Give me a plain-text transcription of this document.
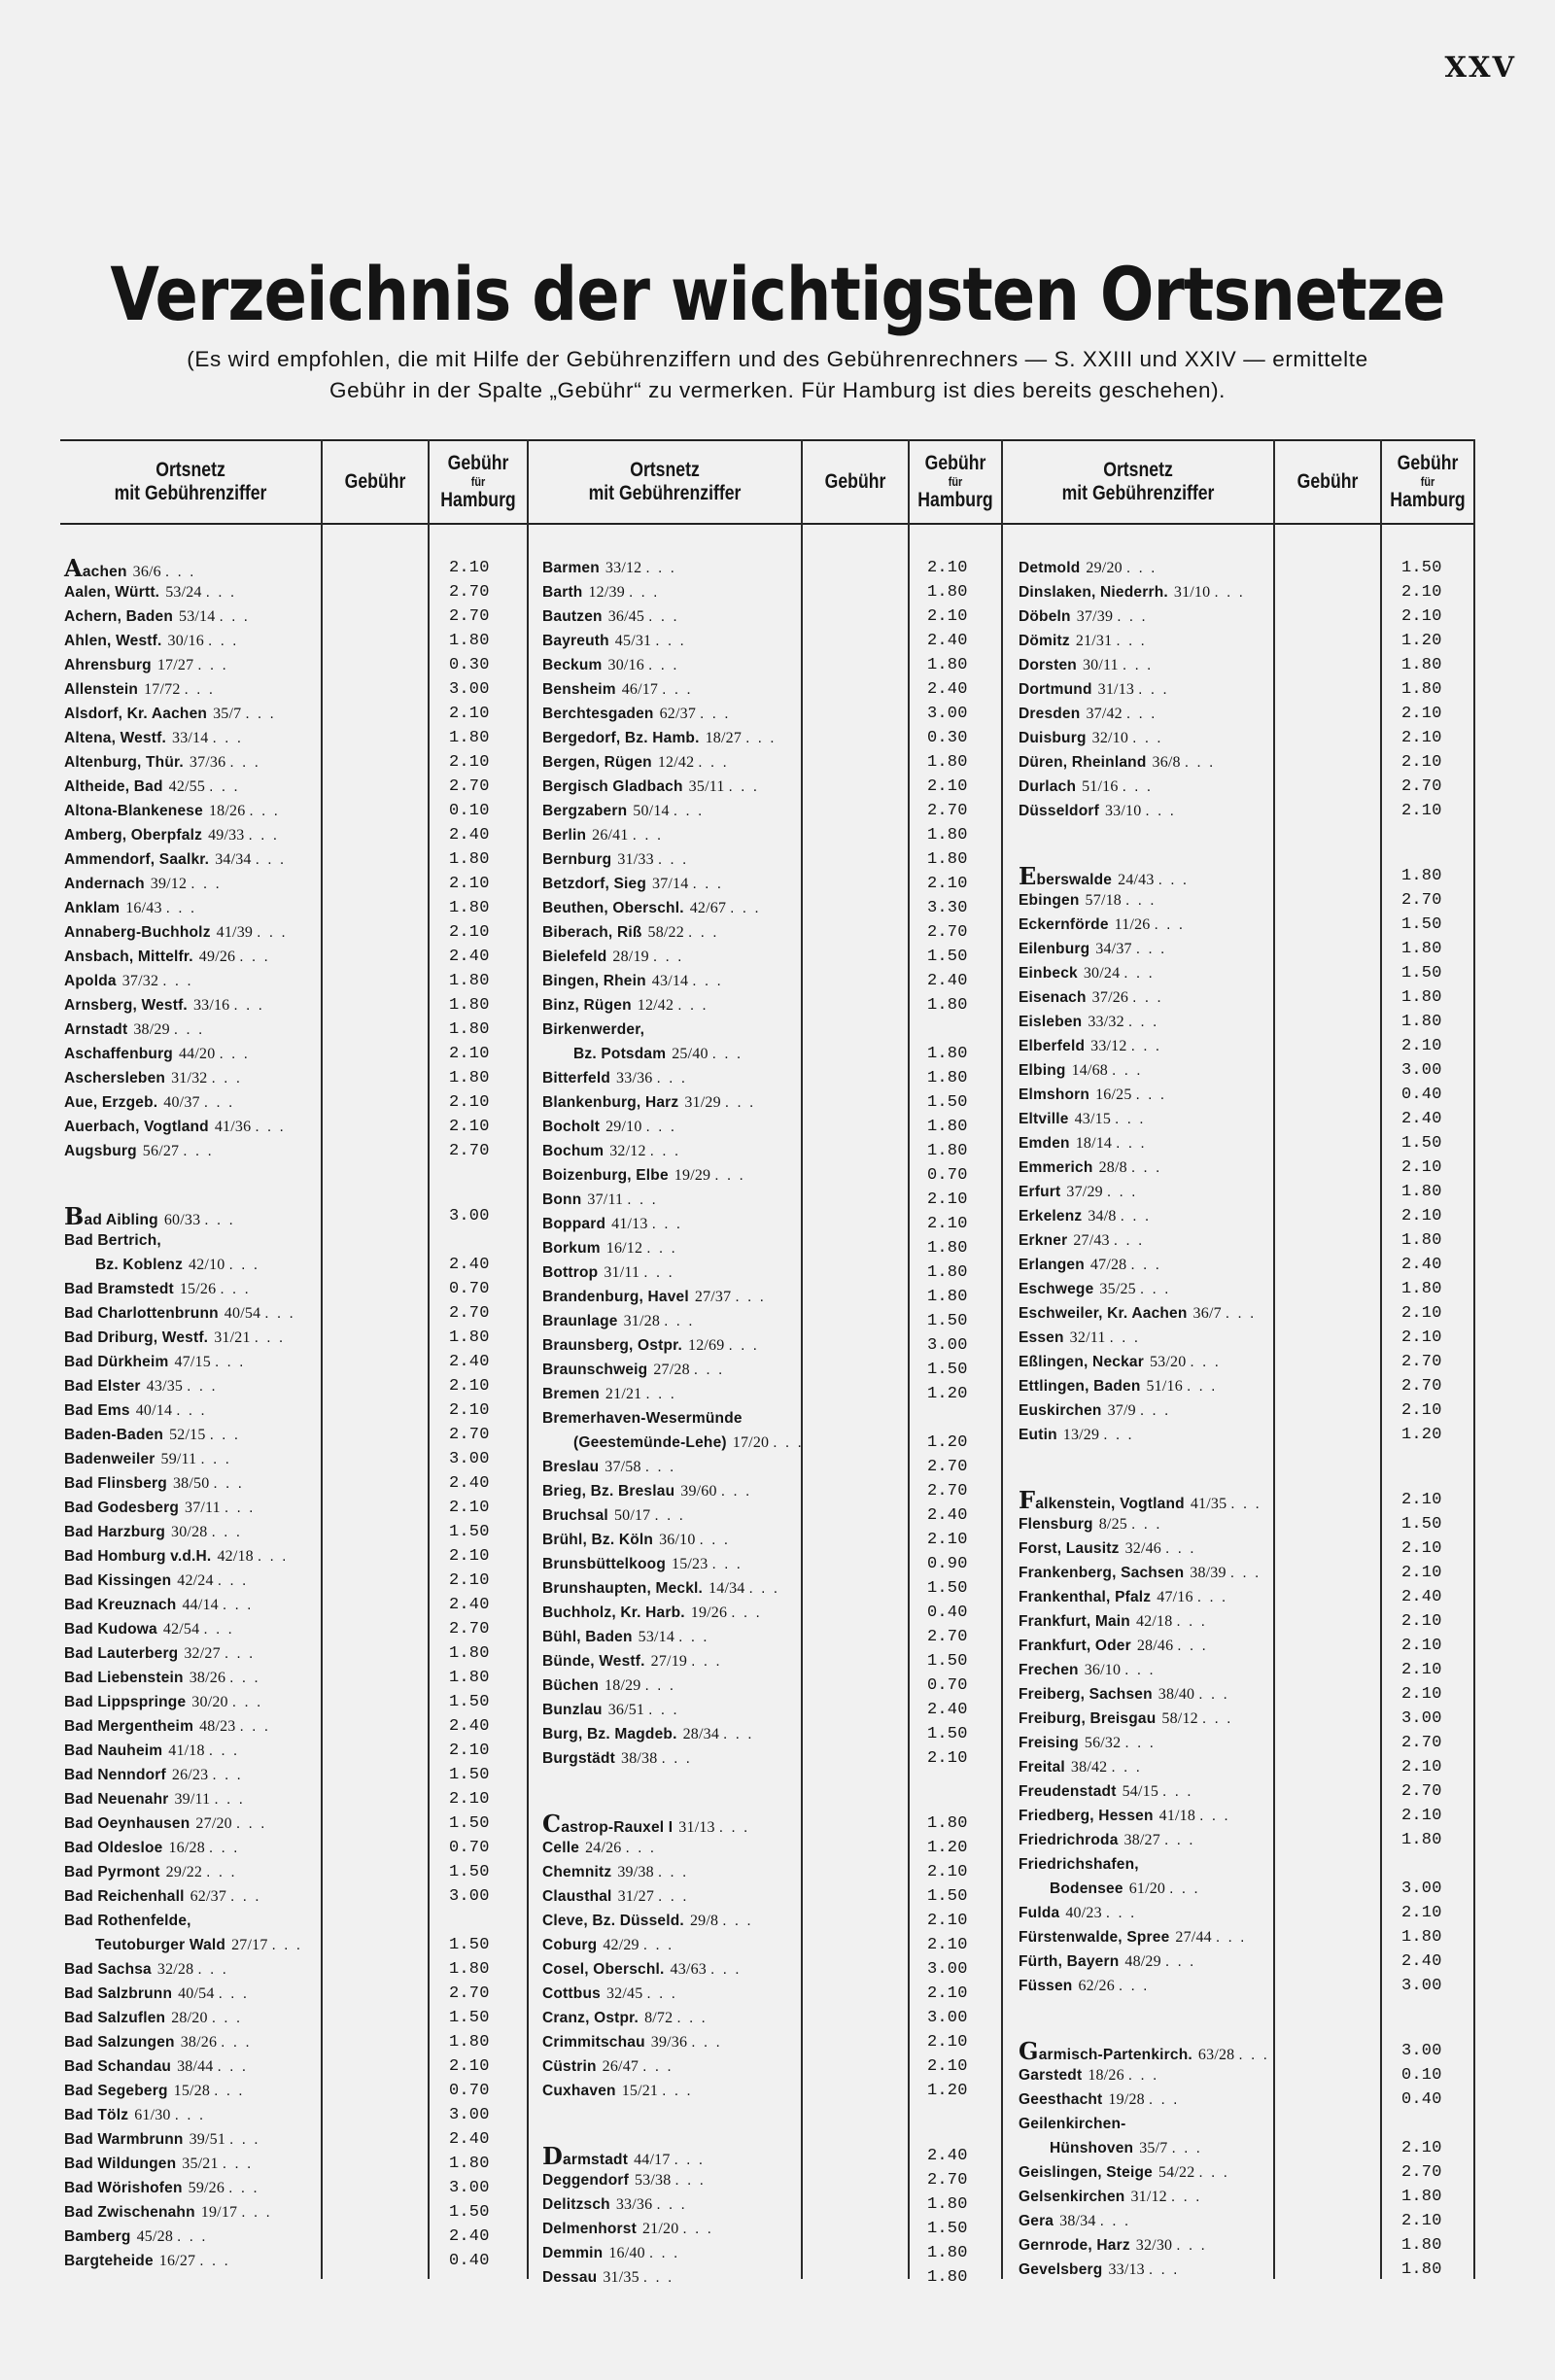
XXV
Verzeichnis der wichtigsten Ortsnetze
(Es wird empfohlen, die mit Hilfe der Gebührenziffern und des Gebührenrechners — S. XXIII und XXIV — ermittelte
Gebühr in der Spalte „Gebühr“ zu vermerken. Für Hamburg ist dies bereits geschehen).
Ortsnetz
mit Gebührenziffer
Gebühr
Gebühr
für
Hamburg
Ortsnetz
mit Gebührenziffer
Gebühr
Gebühr
für
Hamburg
Ortsnetz
mit Gebührenziffer
Gebühr
Gebühr
für
Hamburg
Aachen 36/6 . . .	2.10
Aalen, Württ. 53/24 . . .	2.70
Achern, Baden 53/14 . . .	2.70
Ahlen, Westf. 30/16 . . .	1.80
Ahrensburg 17/27 . . .	0.30
Allenstein 17/72 . . .	3.00
Alsdorf, Kr. Aachen 35/7 . . .	2.10
Altena, Westf. 33/14 . . .	1.80
Altenburg, Thür. 37/36 . . .	2.10
Altheide, Bad 42/55 . . .	2.70
Altona-Blankenese 18/26 . . .	0.10
Amberg, Oberpfalz 49/33 . . .	2.40
Ammendorf, Saalkr. 34/34 . . .	1.80
Andernach 39/12 . . .	2.10
Anklam 16/43 . . .	1.80
Annaberg-Buchholz 41/39 . . .	2.10
Ansbach, Mittelfr. 49/26 . . .	2.40
Apolda 37/32 . . .	1.80
Arnsberg, Westf. 33/16 . . .	1.80
Arnstadt 38/29 . . .	1.80
Aschaffenburg 44/20 . . .	2.10
Aschersleben 31/32 . . .	1.80
Aue, Erzgeb. 40/37 . . .	2.10
Auerbach, Vogtland 41/36 . . .	2.10
Augsburg 56/27 . . .	2.70
Bad Aibling 60/33 . . .	3.00
Bad Bertrich,
Bz. Koblenz 42/10 . . .	2.40
Bad Bramstedt 15/26 . . .	0.70
Bad Charlottenbrunn 40/54 . . .	2.70
Bad Driburg, Westf. 31/21 . . .	1.80
Bad Dürkheim 47/15 . . .	2.40
Bad Elster 43/35 . . .	2.10
Bad Ems 40/14 . . .	2.10
Baden-Baden 52/15 . . .	2.70
Badenweiler 59/11 . . .	3.00
Bad Flinsberg 38/50 . . .	2.40
Bad Godesberg 37/11 . . .	2.10
Bad Harzburg 30/28 . . .	1.50
Bad Homburg v.d.H. 42/18 . . .	2.10
Bad Kissingen 42/24 . . .	2.10
Bad Kreuznach 44/14 . . .	2.40
Bad Kudowa 42/54 . . .	2.70
Bad Lauterberg 32/27 . . .	1.80
Bad Liebenstein 38/26 . . .	1.80
Bad Lippspringe 30/20 . . .	1.50
Bad Mergentheim 48/23 . . .	2.40
Bad Nauheim 41/18 . . .	2.10
Bad Nenndorf 26/23 . . .	1.50
Bad Neuenahr 39/11 . . .	2.10
Bad Oeynhausen 27/20 . . .	1.50
Bad Oldesloe 16/28 . . .	0.70
Bad Pyrmont 29/22 . . .	1.50
Bad Reichenhall 62/37 . . .	3.00
Bad Rothenfelde,
Teutoburger Wald 27/17 . . .	1.50
Bad Sachsa 32/28 . . .	1.80
Bad Salzbrunn 40/54 . . .	2.70
Bad Salzuflen 28/20 . . .	1.50
Bad Salzungen 38/26 . . .	1.80
Bad Schandau 38/44 . . .	2.10
Bad Segeberg 15/28 . . .	0.70
Bad Tölz 61/30 . . .	3.00
Bad Warmbrunn 39/51 . . .	2.40
Bad Wildungen 35/21 . . .	1.80
Bad Wörishofen 59/26 . . .	3.00
Bad Zwischenahn 19/17 . . .	1.50
Bamberg 45/28 . . .	2.40
Bargteheide 16/27 . . .	0.40
Barmen 33/12 . . .	2.10
Barth 12/39 . . .	1.80
Bautzen 36/45 . . .	2.10
Bayreuth 45/31 . . .	2.40
Beckum 30/16 . . .	1.80
Bensheim 46/17 . . .	2.40
Berchtesgaden 62/37 . . .	3.00
Bergedorf, Bz. Hamb. 18/27 . . .	0.30
Bergen, Rügen 12/42 . . .	1.80
Bergisch Gladbach 35/11 . . .	2.10
Bergzabern 50/14 . . .	2.70
Berlin 26/41 . . .	1.80
Bernburg 31/33 . . .	1.80
Betzdorf, Sieg 37/14 . . .	2.10
Beuthen, Oberschl. 42/67 . . .	3.30
Biberach, Riß 58/22 . . .	2.70
Bielefeld 28/19 . . .	1.50
Bingen, Rhein 43/14 . . .	2.40
Binz, Rügen 12/42 . . .	1.80
Birkenwerder,
Bz. Potsdam 25/40 . . .	1.80
Bitterfeld 33/36 . . .	1.80
Blankenburg, Harz 31/29 . . .	1.50
Bocholt 29/10 . . .	1.80
Bochum 32/12 . . .	1.80
Boizenburg, Elbe 19/29 . . .	0.70
Bonn 37/11 . . .	2.10
Boppard 41/13 . . .	2.10
Borkum 16/12 . . .	1.80
Bottrop 31/11 . . .	1.80
Brandenburg, Havel 27/37 . . .	1.80
Braunlage 31/28 . . .	1.50
Braunsberg, Ostpr. 12/69 . . .	3.00
Braunschweig 27/28 . . .	1.50
Bremen 21/21 . . .	1.20
Bremerhaven-Wesermünde
(Geestemünde-Lehe) 17/20 . . .	1.20
Breslau 37/58 . . .	2.70
Brieg, Bz. Breslau 39/60 . . .	2.70
Bruchsal 50/17 . . .	2.40
Brühl, Bz. Köln 36/10 . . .	2.10
Brunsbüttelkoog 15/23 . . .	0.90
Brunshaupten, Meckl. 14/34 . . .	1.50
Buchholz, Kr. Harb. 19/26 . . .	0.40
Bühl, Baden 53/14 . . .	2.70
Bünde, Westf. 27/19 . . .	1.50
Büchen 18/29 . . .	0.70
Bunzlau 36/51 . . .	2.40
Burg, Bz. Magdeb. 28/34 . . .	1.50
Burgstädt 38/38 . . .	2.10
Castrop-Rauxel I 31/13 . . .	1.80
Celle 24/26 . . .	1.20
Chemnitz 39/38 . . .	2.10
Clausthal 31/27 . . .	1.50
Cleve, Bz. Düsseld. 29/8 . . .	2.10
Coburg 42/29 . . .	2.10
Cosel, Oberschl. 43/63 . . .	3.00
Cottbus 32/45 . . .	2.10
Cranz, Ostpr. 8/72 . . .	3.00
Crimmitschau 39/36 . . .	2.10
Cüstrin 26/47 . . .	2.10
Cuxhaven 15/21 . . .	1.20
Darmstadt 44/17 . . .	2.40
Deggendorf 53/38 . . .	2.70
Delitzsch 33/36 . . .	1.80
Delmenhorst 21/20 . . .	1.50
Demmin 16/40 . . .	1.80
Dessau 31/35 . . .	1.80
Detmold 29/20 . . .	1.50
Dinslaken, Niederrh. 31/10 . . .	2.10
Döbeln 37/39 . . .	2.10
Dömitz 21/31 . . .	1.20
Dorsten 30/11 . . .	1.80
Dortmund 31/13 . . .	1.80
Dresden 37/42 . . .	2.10
Duisburg 32/10 . . .	2.10
Düren, Rheinland 36/8 . . .	2.10
Durlach 51/16 . . .	2.70
Düsseldorf 33/10 . . .	2.10
Eberswalde 24/43 . . .	1.80
Ebingen 57/18 . . .	2.70
Eckernförde 11/26 . . .	1.50
Eilenburg 34/37 . . .	1.80
Einbeck 30/24 . . .	1.50
Eisenach 37/26 . . .	1.80
Eisleben 33/32 . . .	1.80
Elberfeld 33/12 . . .	2.10
Elbing 14/68 . . .	3.00
Elmshorn 16/25 . . .	0.40
Eltville 43/15 . . .	2.40
Emden 18/14 . . .	1.50
Emmerich 28/8 . . .	2.10
Erfurt 37/29 . . .	1.80
Erkelenz 34/8 . . .	2.10
Erkner 27/43 . . .	1.80
Erlangen 47/28 . . .	2.40
Eschwege 35/25 . . .	1.80
Eschweiler, Kr. Aachen 36/7 . . .	2.10
Essen 32/11 . . .	2.10
Eßlingen, Neckar 53/20 . . .	2.70
Ettlingen, Baden 51/16 . . .	2.70
Euskirchen 37/9 . . .	2.10
Eutin 13/29 . . .	1.20
Falkenstein, Vogtland 41/35 . . .	2.10
Flensburg 8/25 . . .	1.50
Forst, Lausitz 32/46 . . .	2.10
Frankenberg, Sachsen 38/39 . . .	2.10
Frankenthal, Pfalz 47/16 . . .	2.40
Frankfurt, Main 42/18 . . .	2.10
Frankfurt, Oder 28/46 . . .	2.10
Frechen 36/10 . . .	2.10
Freiberg, Sachsen 38/40 . . .	2.10
Freiburg, Breisgau 58/12 . . .	3.00
Freising 56/32 . . .	2.70
Freital 38/42 . . .	2.10
Freudenstadt 54/15 . . .	2.70
Friedberg, Hessen 41/18 . . .	2.10
Friedrichroda 38/27 . . .	1.80
Friedrichshafen,
Bodensee 61/20 . . .	3.00
Fulda 40/23 . . .	2.10
Fürstenwalde, Spree 27/44 . . .	1.80
Fürth, Bayern 48/29 . . .	2.40
Füssen 62/26 . . .	3.00
Garmisch-Partenkirch. 63/28 . . .	3.00
Garstedt 18/26 . . .	0.10
Geesthacht 19/28 . . .	0.40
Geilenkirchen-
Hünshoven 35/7 . . .	2.10
Geislingen, Steige 54/22 . . .	2.70
Gelsenkirchen 31/12 . . .	1.80
Gera 38/34 . . .	2.10
Gernrode, Harz 32/30 . . .	1.80
Gevelsberg 33/13 . . .	1.80
